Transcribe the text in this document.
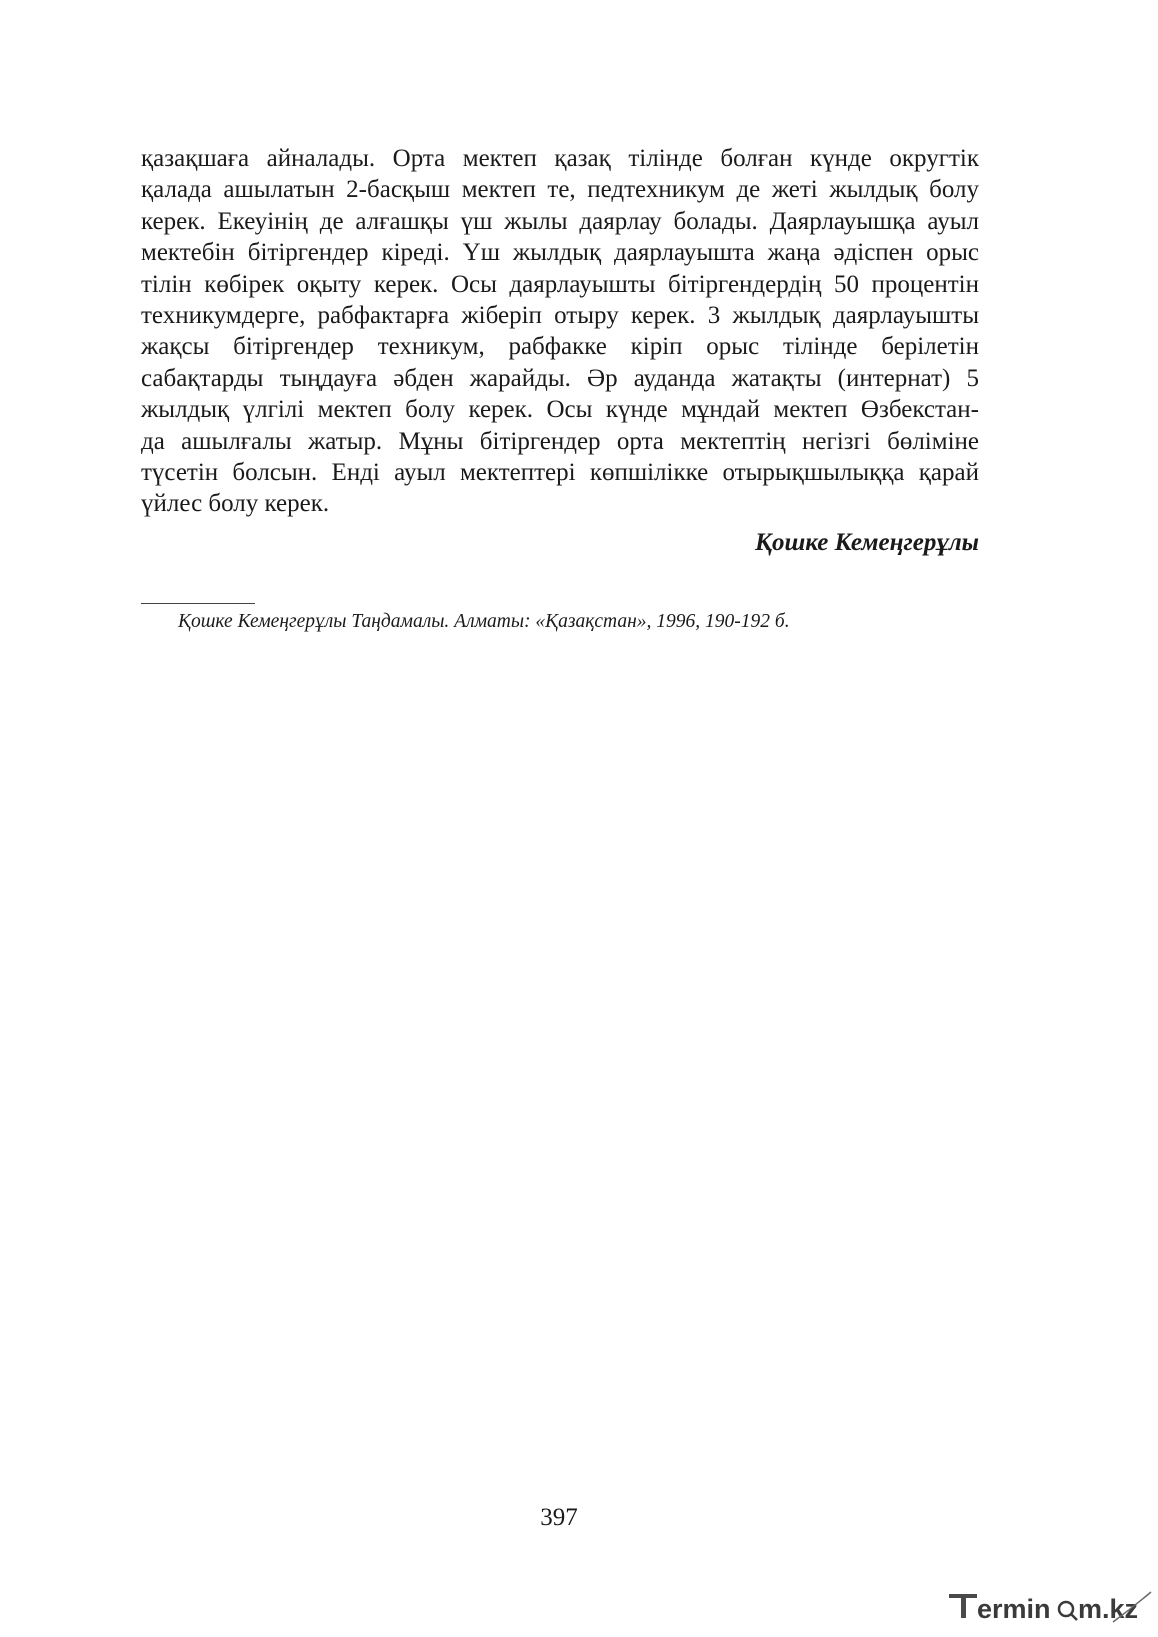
қазақшаға айналады. Орта мектеп қазақ тілінде болған күнде округтік
қалада ашылатын 2-басқыш мектеп те, педтехникум де жеті жылдық болу
керек. Екеуінің де алғашқы үш жылы даярлау болады. Даярлауышқа ауыл
мектебін бітіргендер кіреді. Үш жылдық даярлауышта жаңа әдіспен орыс
тілін көбірек оқыту керек. Осы даярлауышты бітіргендердің 50 процентін
техникумдерге, рабфактарға жіберіп отыру керек. 3 жылдық даярлауышты
жақсы бітіргендер техникум, рабфакке кіріп орыс тілінде берілетін
сабақтарды тыңдауға әбден жарайды. Әр ауданда жатақты (интернат) 5
жылдық үлгілі мектеп болу керек. Осы күнде мұндай мектеп Өзбекстан-
да ашылғалы жатыр. Мұны бітіргендер орта мектептің негізгі бөліміне
түсетін болсын. Енді ауыл мектептері көпшілікке отырықшылыққа қарай
үйлес болу керек.
Қошке Кемеңгерұлы
Қошке Кемеңгерұлы Таңдамалы. Алматы: «Қазақстан», 1996, 190-192 б.
397
ermin m.kz
